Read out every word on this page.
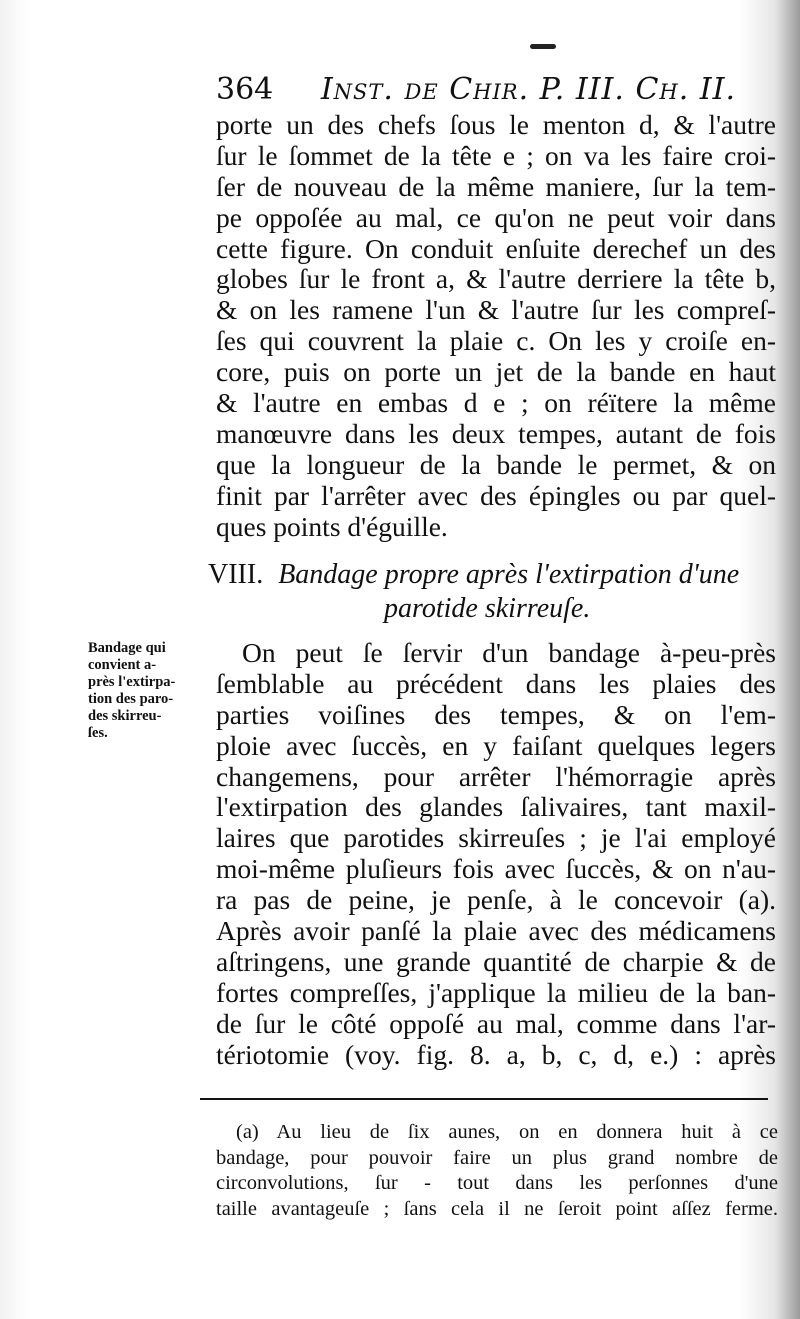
364 Inst. de Chir. P. III. Ch. II.
porte un des chefs ſous le menton d, & l'autre
ſur le ſommet de la tête e ; on va les faire croi-
ſer de nouveau de la même maniere, ſur la tem-
pe oppoſée au mal, ce qu'on ne peut voir dans
cette figure. On conduit enſuite derechef un des
globes ſur le front a, & l'autre derriere la tête b,
& on les ramene l'un & l'autre ſur les compreſ-
ſes qui couvrent la plaie c. On les y croiſe en-
core, puis on porte un jet de la bande en haut
& l'autre en embas d e ; on réïtere la même
manœuvre dans les deux tempes, autant de fois
que la longueur de la bande le permet, & on
finit par l'arrêter avec des épingles ou par quel-
ques points d'éguille.
VIII. Bandage propre après l'extirpation d'une
parotide skirreuſe.
Bandage qui
convient a-
près l'extirpa-
tion des paro-
des skirreu-
ſes.
On peut ſe ſervir d'un bandage à-peu-près
ſemblable au précédent dans les plaies des
parties voiſines des tempes, & on l'em-
ploie avec ſuccès, en y faiſant quelques legers
changemens, pour arrêter l'hémorragie après
l'extirpation des glandes ſalivaires, tant maxil-
laires que parotides skirreuſes ; je l'ai employé
moi-même pluſieurs fois avec ſuccès, & on n'au-
ra pas de peine, je penſe, à le concevoir (a).
Après avoir panſé la plaie avec des médicamens
aſtringens, une grande quantité de charpie & de
fortes compreſſes, j'applique la milieu de la ban-
de ſur le côté oppoſé au mal, comme dans l'ar-
tériotomie (voy. fig. 8. a, b, c, d, e.) : après
(a) Au lieu de ſix aunes, on en donnera huit à ce
bandage, pour pouvoir faire un plus grand nombre de
circonvolutions, ſur - tout dans les perſonnes d'une
taille avantageuſe ; ſans cela il ne ſeroit point aſſez ferme.
